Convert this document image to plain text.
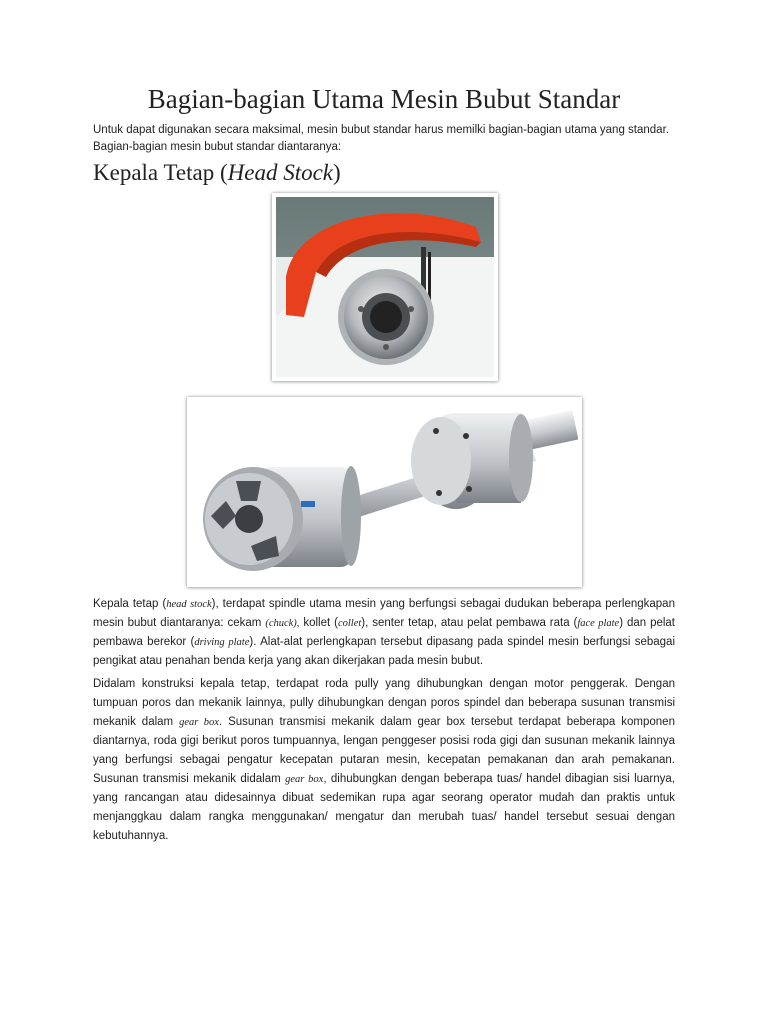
Bagian-bagian Utama Mesin Bubut Standar

Untuk dapat digunakan secara maksimal, mesin bubut standar harus memilki bagian-bagian utama yang standar. Bagian-bagian mesin bubut standar diantaranya:

Kepala Tetap (Head Stock)

Kepala tetap (head stock), terdapat spindle utama mesin yang berfungsi sebagai dudukan beberapa perlengkapan mesin bubut diantaranya: cekam (chuck), kollet (collet), senter tetap, atau pelat pembawa rata (face plate) dan pelat pembawa berekor (driving plate). Alat-alat perlengkapan tersebut dipasang pada spindel mesin berfungsi sebagai pengikat atau penahan benda kerja yang akan dikerjakan pada mesin bubut.

Didalam konstruksi kepala tetap, terdapat roda pully yang dihubungkan dengan motor penggerak. Dengan tumpuan poros dan mekanik lainnya, pully dihubungkan dengan poros spindel dan beberapa susunan transmisi mekanik dalam gear box. Susunan transmisi mekanik dalam gear box tersebut terdapat beberapa komponen diantarnya, roda gigi berikut poros tumpuannya, lengan penggeser posisi roda gigi dan susunan mekanik lainnya yang berfungsi sebagai pengatur kecepatan putaran mesin, kecepatan pemakanan dan arah pemakanan. Susunan transmisi mekanik didalam gear box, dihubungkan dengan beberapa tuas/ handel dibagian sisi luarnya, yang rancangan atau didesainnya dibuat sedemikan rupa agar seorang operator mudah dan praktis untuk menjanggkau dalam rangka menggunakan/ mengatur dan merubah tuas/ handel tersebut sesuai dengan kebutuhannya.
